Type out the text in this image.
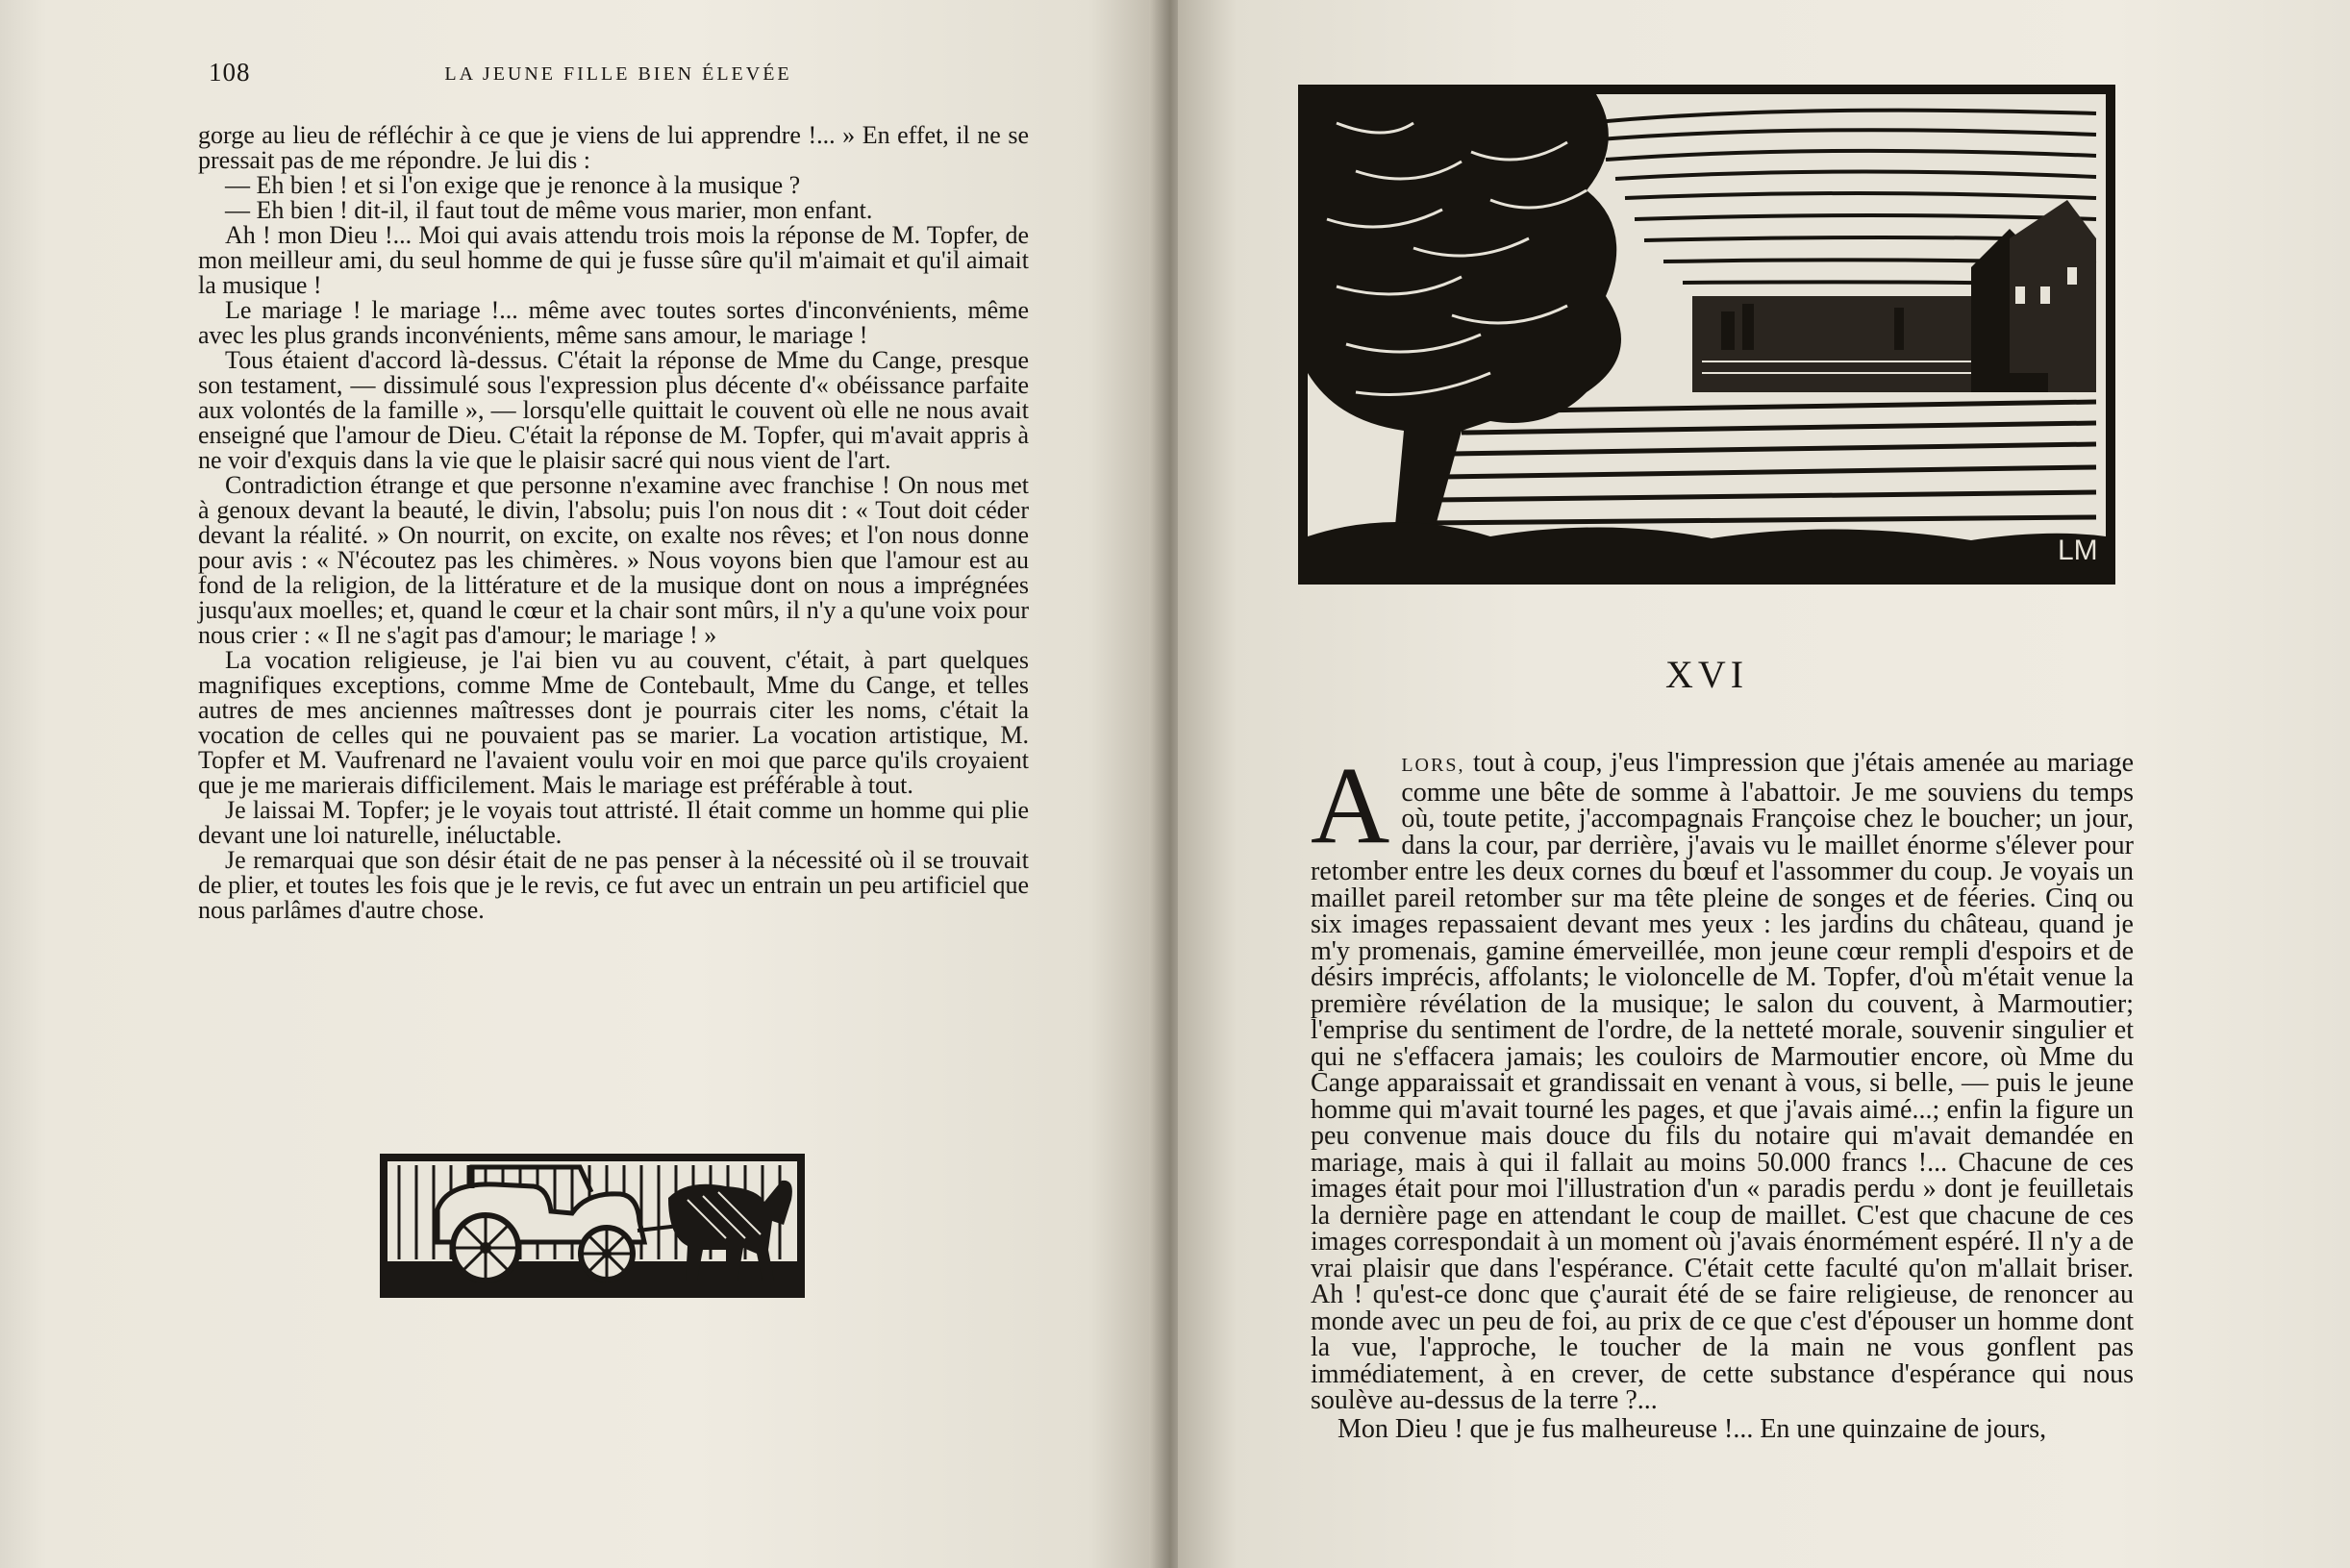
108	LA JEUNE FILLE BIEN ÉLEVÉE

gorge au lieu de réfléchir à ce que je viens de lui apprendre !... » En effet, il ne se pressait pas de me répondre. Je lui dis :

— Eh bien ! et si l'on exige que je renonce à la musique ?

— Eh bien ! dit-il, il faut tout de même vous marier, mon enfant.

Ah ! mon Dieu !... Moi qui avais attendu trois mois la réponse de M. Topfer, de mon meilleur ami, du seul homme de qui je fusse sûre qu'il m'aimait et qu'il aimait la musique !

Le mariage ! le mariage !... même avec toutes sortes d'inconvénients, même avec les plus grands inconvénients, même sans amour, le mariage !

Tous étaient d'accord là-dessus. C'était la réponse de Mme du Cange, presque son testament, — dissimulé sous l'expression plus décente d'« obéissance parfaite aux volontés de la famille », — lorsqu'elle quittait le couvent où elle ne nous avait enseigné que l'amour de Dieu. C'était la réponse de M. Topfer, qui m'avait appris à ne voir d'exquis dans la vie que le plaisir sacré qui nous vient de l'art.

Contradiction étrange et que personne n'examine avec franchise ! On nous met à genoux devant la beauté, le divin, l'absolu; puis l'on nous dit : « Tout doit céder devant la réalité. » On nourrit, on excite, on exalte nos rêves; et l'on nous donne pour avis : « N'écoutez pas les chimères. » Nous voyons bien que l'amour est au fond de la religion, de la littérature et de la musique dont on nous a imprégnées jusqu'aux moelles; et, quand le cœur et la chair sont mûrs, il n'y a qu'une voix pour nous crier : « Il ne s'agit pas d'amour; le mariage ! »

La vocation religieuse, je l'ai bien vu au couvent, c'était, à part quelques magnifiques exceptions, comme Mme de Contebault, Mme du Cange, et telles autres de mes anciennes maîtresses dont je pourrais citer les noms, c'était la vocation de celles qui ne pouvaient pas se marier. La vocation artistique, M. Topfer et M. Vaufrenard ne l'avaient voulu voir en moi que parce qu'ils croyaient que je me marierais difficilement. Mais le mariage est préférable à tout.

Je laissai M. Topfer; je le voyais tout attristé. Il était comme un homme qui plie devant une loi naturelle, inéluctable.

Je remarquai que son désir était de ne pas penser à la nécessité où il se trouvait de plier, et toutes les fois que je le revis, ce fut avec un entrain un peu artificiel que nous parlâmes d'autre chose.

LM

XVI

ALORS, tout à coup, j'eus l'impression que j'étais amenée au mariage comme une bête de somme à l'abattoir. Je me souviens du temps où, toute petite, j'accompagnais Françoise chez le boucher; un jour, dans la cour, par derrière, j'avais vu le maillet énorme s'élever pour retomber entre les deux cornes du bœuf et l'assommer du coup. Je voyais un maillet pareil retomber sur ma tête pleine de songes et de féeries. Cinq ou six images repassaient devant mes yeux : les jardins du château, quand je m'y promenais, gamine émerveillée, mon jeune cœur rempli d'espoirs et de désirs imprécis, affolants; le violoncelle de M. Topfer, d'où m'était venue la première révélation de la musique; le salon du couvent, à Marmoutier; l'emprise du sentiment de l'ordre, de la netteté morale, souvenir singulier et qui ne s'effacera jamais; les couloirs de Marmoutier encore, où Mme du Cange apparaissait et grandissait en venant à vous, si belle, — puis le jeune homme qui m'avait tourné les pages, et que j'avais aimé...; enfin la figure un peu convenue mais douce du fils du notaire qui m'avait demandée en mariage, mais à qui il fallait au moins 50.000 francs !... Chacune de ces images était pour moi l'illustration d'un « paradis perdu » dont je feuilletais la dernière page en attendant le coup de maillet. C'est que chacune de ces images correspondait à un moment où j'avais énormément espéré. Il n'y a de vrai plaisir que dans l'espérance. C'était cette faculté qu'on m'allait briser. Ah ! qu'est-ce donc que ç'aurait été de se faire religieuse, de renoncer au monde avec un peu de foi, au prix de ce que c'est d'épouser un homme dont la vue, l'approche, le toucher de la main ne vous gonflent pas immédiatement, à en crever, de cette substance d'espérance qui nous soulève au-dessus de la terre ?...

Mon Dieu ! que je fus malheureuse !... En une quinzaine de jours,
